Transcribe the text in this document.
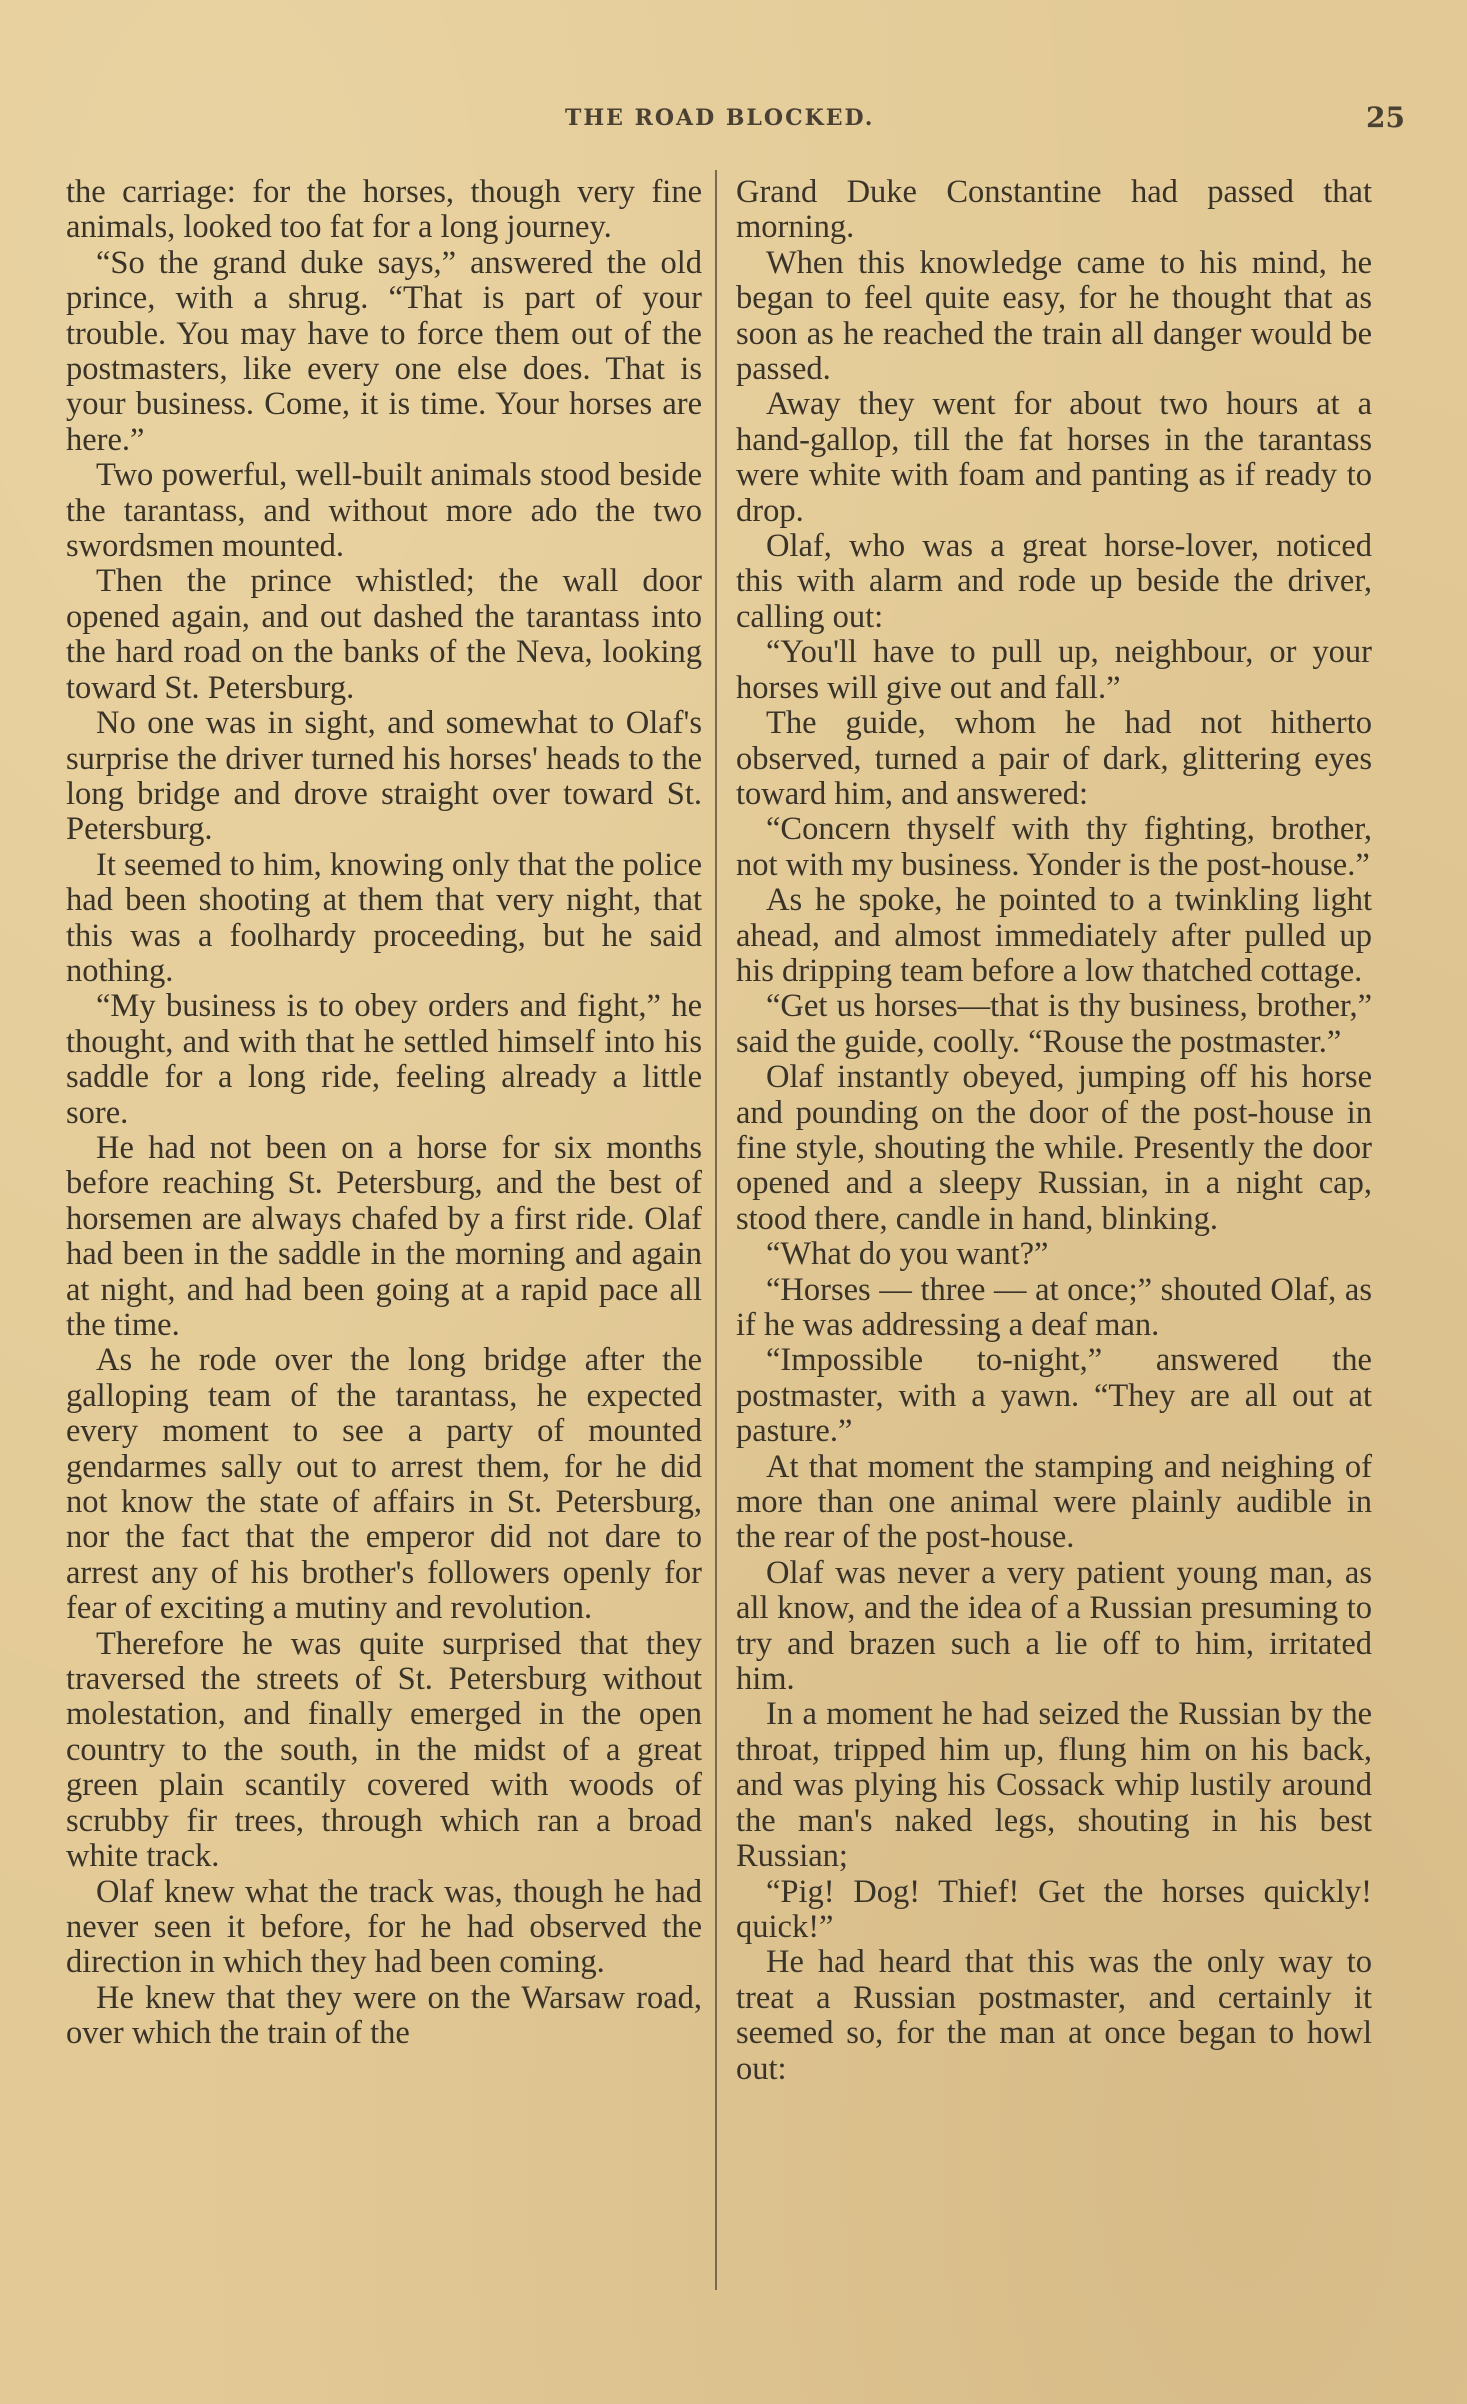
THE ROAD BLOCKED.	25

the carriage: for the horses, though very fine animals, looked too fat for a long journey.

“So the grand duke says,” answered the old prince, with a shrug. “That is part of your trouble. You may have to force them out of the postmasters, like every one else does. That is your business. Come, it is time. Your horses are here.”

Two powerful, well-built animals stood beside the tarantass, and without more ado the two swordsmen mounted.

Then the prince whistled; the wall door opened again, and out dashed the tarantass into the hard road on the banks of the Neva, looking toward St. Petersburg.

No one was in sight, and somewhat to Olaf's surprise the driver turned his horses' heads to the long bridge and drove straight over toward St. Petersburg.

It seemed to him, knowing only that the police had been shooting at them that very night, that this was a foolhardy proceeding, but he said nothing.

“My business is to obey orders and fight,” he thought, and with that he settled himself into his saddle for a long ride, feeling already a little sore.

He had not been on a horse for six months before reaching St. Petersburg, and the best of horsemen are always chafed by a first ride. Olaf had been in the saddle in the morning and again at night, and had been going at a rapid pace all the time.

As he rode over the long bridge after the galloping team of the tarantass, he expected every moment to see a party of mounted gendarmes sally out to arrest them, for he did not know the state of affairs in St. Petersburg, nor the fact that the emperor did not dare to arrest any of his brother's followers openly for fear of exciting a mutiny and revolution.

Therefore he was quite surprised that they traversed the streets of St. Petersburg without molestation, and finally emerged in the open country to the south, in the midst of a great green plain scantily covered with woods of scrubby fir trees, through which ran a broad white track.

Olaf knew what the track was, though he had never seen it before, for he had observed the direction in which they had been coming.

He knew that they were on the Warsaw road, over which the train of the

Grand Duke Constantine had passed that morning.

When this knowledge came to his mind, he began to feel quite easy, for he thought that as soon as he reached the train all danger would be passed.

Away they went for about two hours at a hand-gallop, till the fat horses in the tarantass were white with foam and panting as if ready to drop.

Olaf, who was a great horse-lover, noticed this with alarm and rode up beside the driver, calling out:

“You'll have to pull up, neighbour, or your horses will give out and fall.”

The guide, whom he had not hitherto observed, turned a pair of dark, glittering eyes toward him, and answered:

“Concern thyself with thy fighting, brother, not with my business. Yonder is the post-house.”

As he spoke, he pointed to a twinkling light ahead, and almost immediately after pulled up his dripping team before a low thatched cottage.

“Get us horses—that is thy business, brother,” said the guide, coolly. “Rouse the postmaster.”

Olaf instantly obeyed, jumping off his horse and pounding on the door of the post-house in fine style, shouting the while. Presently the door opened and a sleepy Russian, in a night cap, stood there, candle in hand, blinking.

“What do you want?”

“Horses — three — at once;” shouted Olaf, as if he was addressing a deaf man.

“Impossible to-night,” answered the postmaster, with a yawn. “They are all out at pasture.”

At that moment the stamping and neighing of more than one animal were plainly audible in the rear of the post-house.

Olaf was never a very patient young man, as all know, and the idea of a Russian presuming to try and brazen such a lie off to him, irritated him.

In a moment he had seized the Russian by the throat, tripped him up, flung him on his back, and was plying his Cossack whip lustily around the man's naked legs, shouting in his best Russian;

“Pig! Dog! Thief! Get the horses quickly! quick!”

He had heard that this was the only way to treat a Russian postmaster, and certainly it seemed so, for the man at once began to howl out:
